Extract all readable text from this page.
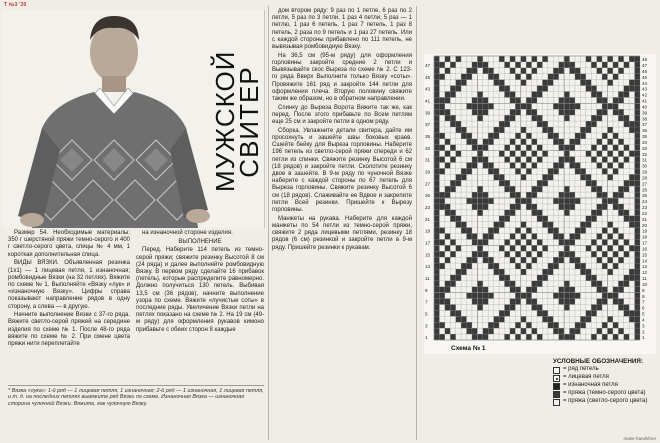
Т №3 '20
МУЖСКОЙ
СВИТЕР

Размер 54. Необходимые материалы: 350 г шерстяной пряжи темно-серого и 400 г светло-серого цвета, спицы № 4 мм, 1 короткая дополнительная спица.

ВИДЫ ВЯЗКИ. Объявленная резинка (1х1) — 1 лицевая петля, 1 изнаночная; ромбовидные Вязки (на 32 петлях). Вяжите по схеме № 1. Выполняйте «Вязку «лук» и «изнаночную Вязку». Цифры справа показывают направление рядов в одну сторону, а слева — в другую.

Начните выполнение Вязки с 37-го ряда. Вяжите светло-серой пряжей на середине изделия по схеме № 1. После 48-го ряда вяжите по схеме № 2. При смене цвета пряжи нити переплетайте

на изнаночной стороне изделия.

ВЫПОЛНЕНИЕ

Перед. Наберите 114 петель из темно-серой пряжи; свяжите резинку Высотой 8 см (24 ряда) и далее выполняйте ромбовидную Вязку. В первом ряду сделайте 16 прибавок (петель), которые распределите равномерно. Должно получиться 130 петель. Выбивая 13,5 см (36 рядов), начните выполнение узора по схеме. Вяжите «лучистые соты» в последние ряды. Увеличение Вязки петли на петлях показано на схеме № 2. На 19 см (49-м ряду) для оформления рукавов кимоно прибавьте с обеих сторон 8 каждые

* Вязка «лука»: 1-й ряд — 1 лицевая петля, 1 изнаночная; 2-й ряд — 1 изнаночная, 1 лицевая петля, и т. д. на последних петлях вывяжите ряд Вязки по схеме. Изнаночная Вязка — изнаночная сторона чулочной Вязки. Вяжите, как чулочную Вязку.

дом втором ряду: 9 раз по 1 петле, 6 раз по 2 петли, 5 раз по 3 петли, 1 раз 4 петли, 5 раз — 1 петлю, 1 раз 6 петель, 1 раз 7 петель, 1 раз 8 петель, 2 раза по 9 петель и 1 раз 27 петель. Или с каждой стороны прибавлено по 111 петель, не вывязывая ромбовидную Вязку.

На 36,5 см (95-м ряду) для оформления горловины закройте средние 2 петли и Вывязывайте скос Выреза по схеме № 2. С 123-го ряда Вверх Выполните только Вязку «соты». Провяжите 161 ряд и закройте 144 петли для оформления плеча. Вторую половину свяжите таким же образом, но в обратном направлении.

Спинку до Выреза Ворота Вяжите так же, как перед. После этого прибавьте по Всем петлям еще 25 см и закройте петли в одном ряду.

Сборка. Увлажните детали свитера, дайте им просохнуть и зашейте швы боковых краев. Сшейте бейку для Выреза горловины. Наберите 196 петель из светло-серой пряжи спереди и 62 петли из спинки. Свяжите резинку Высотой 6 см (18 рядов) и закройте петли. Сколотите резинку двое в зашейте. В 9-м ряду по чуночной Вязке наберите с каждой стороны по 67 петель для Выреза горловины. Свяжите резинку Высотой 6 см (18 рядов). Слаживайте ее Вдвое и закрепите петли Всей резинки. Пришейте к Вырезу горловины.

Манжеты на рукава. Наберите для каждой манжеты по 54 петли из темно-серой пряжи, свяжите 2 ряда лицевыми петлями, резинку 18 рядов (6 см) резинкой и закройте петли в 9-м ряду. Пришейте резинки к рукавам.

48
47
47
46
45
45
44
43
43
42
41
41
40
39
39
38
37
37
36
35
35
34
33
33
32
31
31
30
29
29
28
27
27
26
25
25
24
23
23
22
21
21
20
19
19
18
17
17
16
15
15
14
13
13
12
11
11
10
9
9
8
7
7
6
5
5
4
3
3
2
1
1
Схема № 1
УСЛОВНЫЕ ОБОЗНАЧЕНИЯ:
= ряд петель
= лицевая петля
= изнаночная петля
= пряжа (темно-серого цвета)
= пряжа (светло-серого цвета)
make-handsfree
